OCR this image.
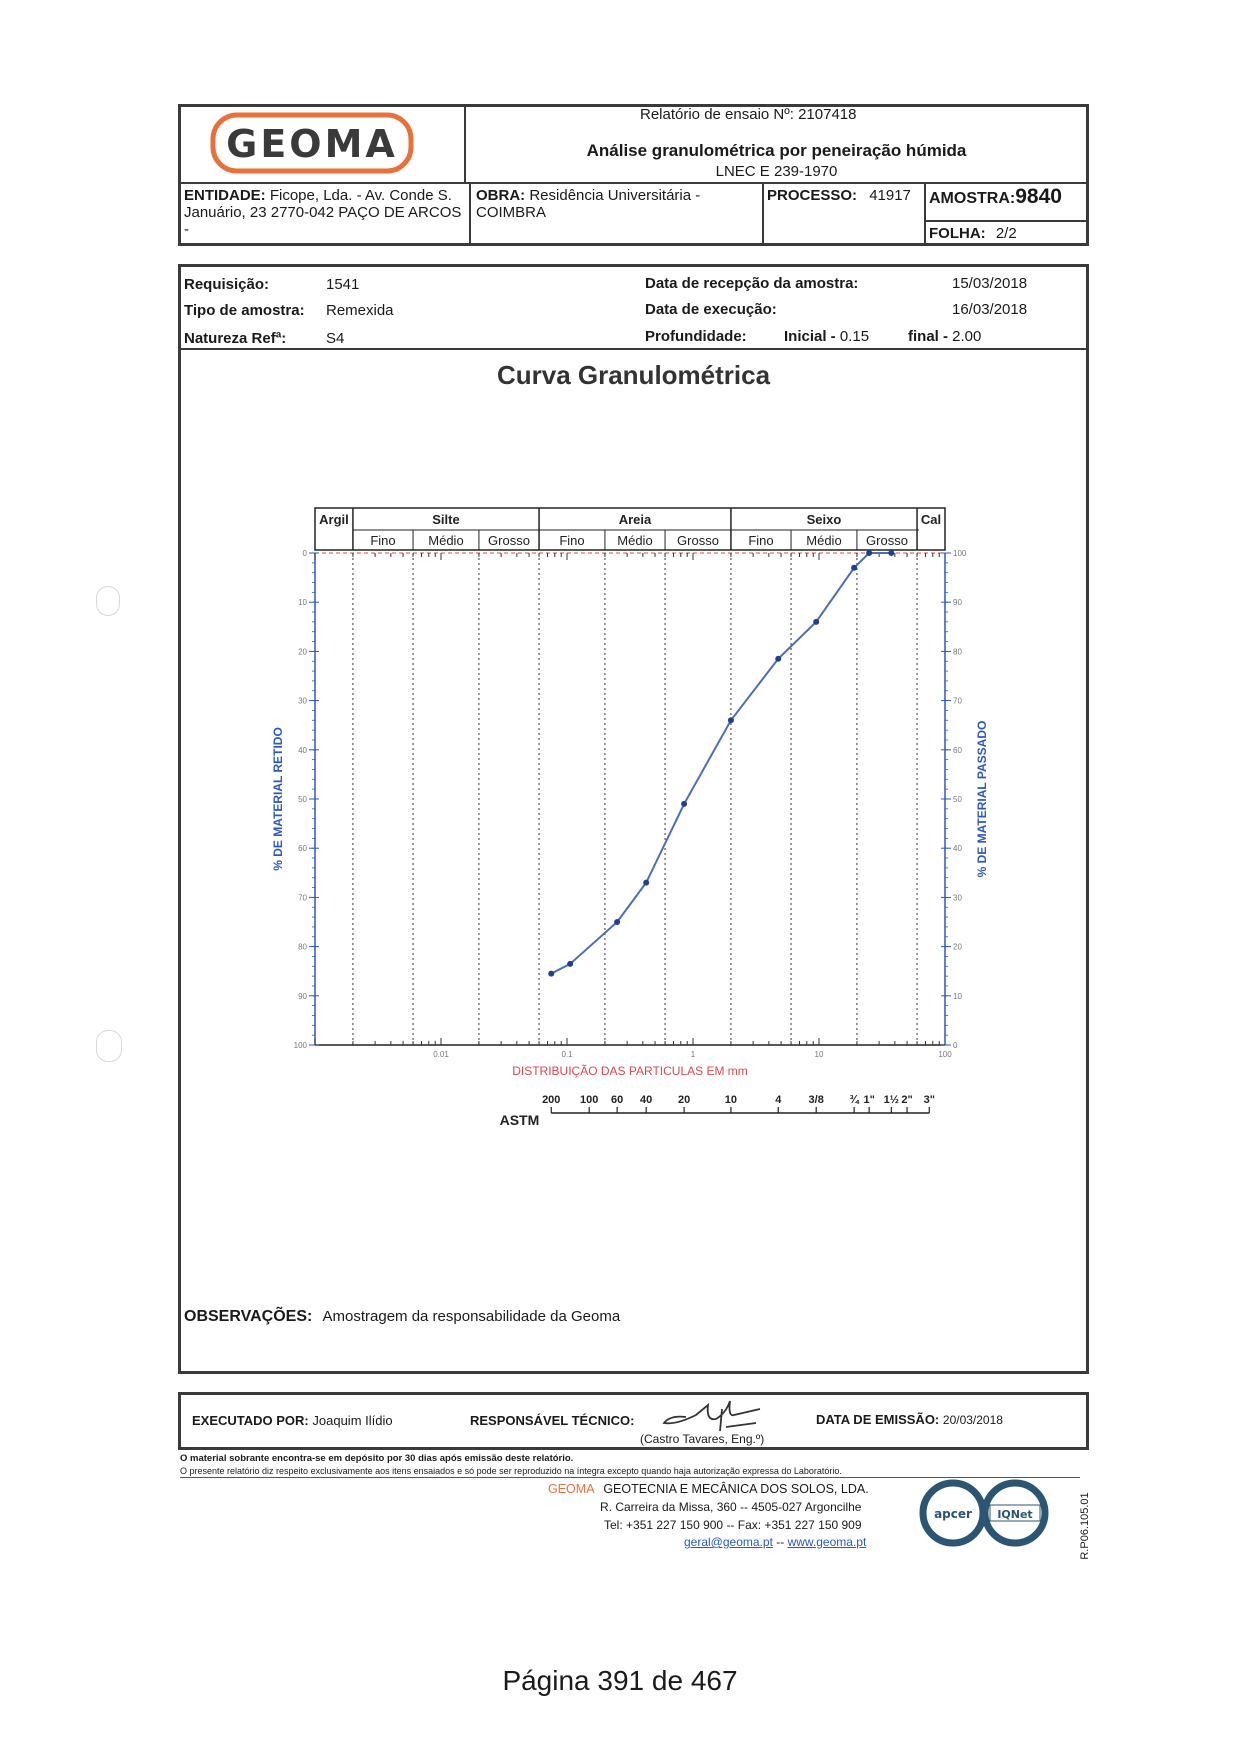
GEOMA
Relatório de ensaio Nº: 2107418
Análise granulométrica por peneiração húmida
LNEC E 239-1970
ENTIDADE: Ficope, Lda. - Av. Conde S. Januário, 23 2770-042 PAÇO DE ARCOS -
OBRA: Residência Universitária - COIMBRA
PROCESSO: 41917 AMOSTRA:9840
FOLHA: 2/2
Requisição:	1541
Tipo de amostra: Remexida
Natureza Refª:	S4
Data de recepção da amostra:	15/03/2018
Data de execução:	16/03/2018
Profundidade: Inicial - 0.15	final - 2.00
Curva Granulométrica
Argil	Silte
Fino	Médio Grosso
Areia
Fino	Médio Grosso
Seixo
Fino	Médio Grosso
Cal
0
10
20
30
40
50
60
70
80
90
100
100
90
80
70
60
50
40
30
20
10
0
0.01	0.1	1	10	100
DISTRIBUIÇÃO DAS PARTICULAS EM mm
% DE MATERIAL RETIDO	% DE MATERIAL PASSADO
200 100 60 40 20	10	4 3/8 ¾ 1" 1½ 2" 3"
ASTM
OBSERVAÇÕES: Amostragem da responsabilidade da Geoma
EXECUTADO POR: Joaquim Ilídio	RESPONSÁVEL TÉCNICO:
(Castro Tavares, Eng.º)
DATA DE EMISSÃO: 20/03/2018
O material sobrante encontra-se em depósito por 30 dias após emissão deste relatório.
O presente relatório diz respeito exclusivamente aos itens ensaiados e só pode ser reproduzido na íntegra excepto quando haja autorização expressa do Laboratório.
GEOMA GEOTECNIA E MECÂNICA DOS SOLOS, LDA.
R. Carreira da Missa, 360 -- 4505-027 Argoncilhe
Tel: +351 227 150 900 -- Fax: +351 227 150 909
geral@geoma.pt -- www.geoma.pt
apcer IQNet	R.P06.105.01
Página 391 de 467
